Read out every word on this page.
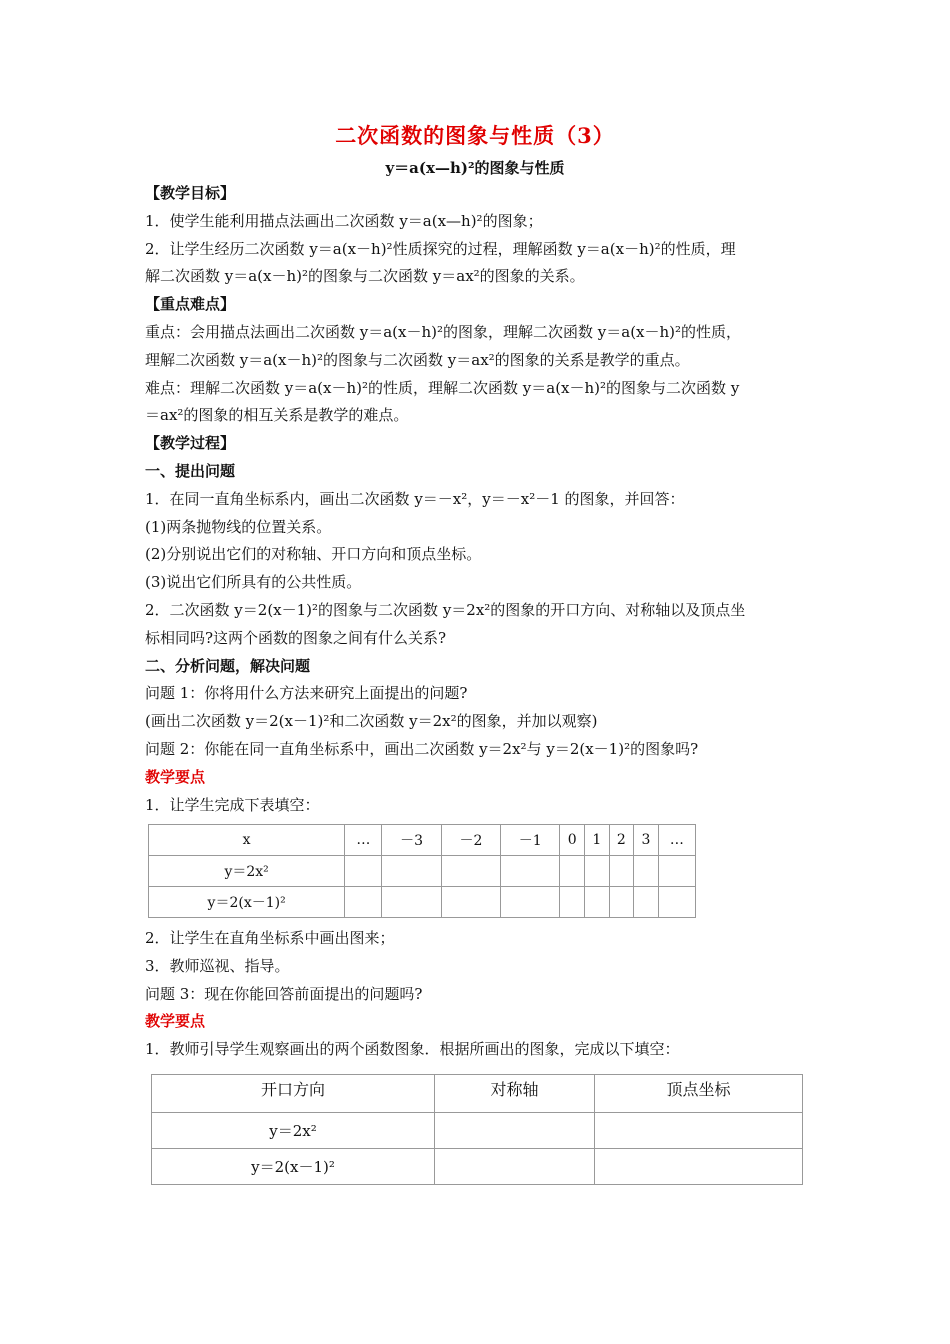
二次函数的图象与性质（3）
y＝a(x—h)²的图象与性质
【教学目标】
1．使学生能利用描点法画出二次函数 y＝a(x—h)²的图象；
2．让学生经历二次函数 y＝a(x－h)²性质探究的过程，理解函数 y＝a(x－h)²的性质，理
解二次函数 y＝a(x－h)²的图象与二次函数 y＝ax²的图象的关系。
【重点难点】
重点：会用描点法画出二次函数 y＝a(x－h)²的图象，理解二次函数 y＝a(x－h)²的性质，
理解二次函数 y＝a(x－h)²的图象与二次函数 y＝ax²的图象的关系是教学的重点。
难点：理解二次函数 y＝a(x－h)²的性质，理解二次函数 y＝a(x－h)²的图象与二次函数 y
＝ax²的图象的相互关系是教学的难点。
【教学过程】
一、提出问题
1．在同一直角坐标系内，画出二次函数 y＝－x²，y＝－x²－1 的图象，并回答：
(1)两条抛物线的位置关系。
(2)分别说出它们的对称轴、开口方向和顶点坐标。
(3)说出它们所具有的公共性质。
2．二次函数 y＝2(x－1)²的图象与二次函数 y＝2x²的图象的开口方向、对称轴以及顶点坐
标相同吗?这两个函数的图象之间有什么关系?
二、分析问题，解决问题
问题 1：你将用什么方法来研究上面提出的问题?
(画出二次函数 y＝2(x－1)²和二次函数 y＝2x²的图象，并加以观察)
问题 2：你能在同一直角坐标系中，画出二次函数 y＝2x²与 y＝2(x－1)²的图象吗?
教学要点
1．让学生完成下表填空：
x	…	－3	－2	－1	0	1	2	3	…
y＝2x²									
y＝2(x－1)²									
2．让学生在直角坐标系中画出图来；
3．教师巡视、指导。
问题 3：现在你能回答前面提出的问题吗?
教学要点
1．教师引导学生观察画出的两个函数图象．根据所画出的图象，完成以下填空：
开口方向	对称轴	顶点坐标
y＝2x²		
y＝2(x－1)²		
